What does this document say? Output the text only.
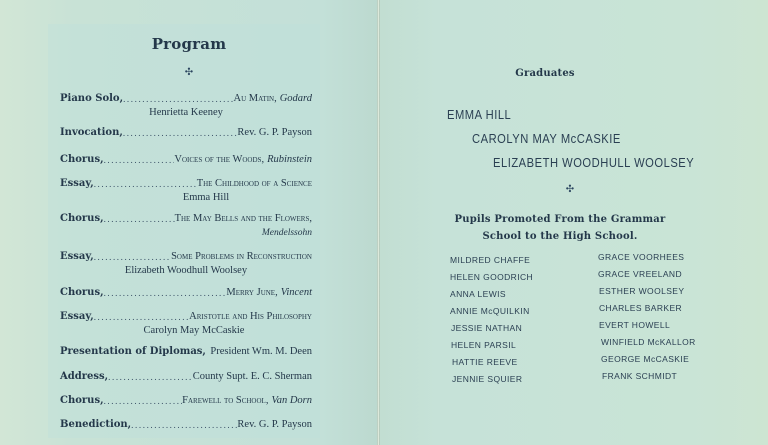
Program
✣
Piano Solo, .....	Au Matin, Godard
Henrietta Keeney
Invocation, .....	Rev. G. P. Payson
Chorus, .....	Voices of the Woods, Rubinstein
Essay, .....	The Childhood of a Science
Emma Hill
Chorus, .....	The May Bells and the Flowers,
Mendelssohn
Essay, .....	Some Problems in Reconstruction
Elizabeth Woodhull Woolsey
Chorus, .....	Merry June, Vincent
Essay, .....	Aristotle and His Philosophy
Carolyn May McCaskie
Presentation of Diplomas, President Wm. M. Deen
Address, .....	County Supt. E. C. Sherman
Chorus, .....	Farewell to School, Van Dorn
Benediction, .....	Rev. G. P. Payson
Graduates
EMMA HILL
CAROLYN MAY McCASKIE
ELIZABETH WOODHULL WOOLSEY
✣
Pupils Promoted From the Grammar School to the High School.
MILDRED CHAFFE
HELEN GOODRICH
ANNA LEWIS
ANNIE McQUILKIN
JESSIE NATHAN
HELEN PARSIL
HATTIE REEVE
JENNIE SQUIER
GRACE VOORHEES
GRACE VREELAND
ESTHER WOOLSEY
CHARLES BARKER
EVERT HOWELL
WINFIELD McKALLOR
GEORGE McCASKIE
FRANK SCHMIDT
